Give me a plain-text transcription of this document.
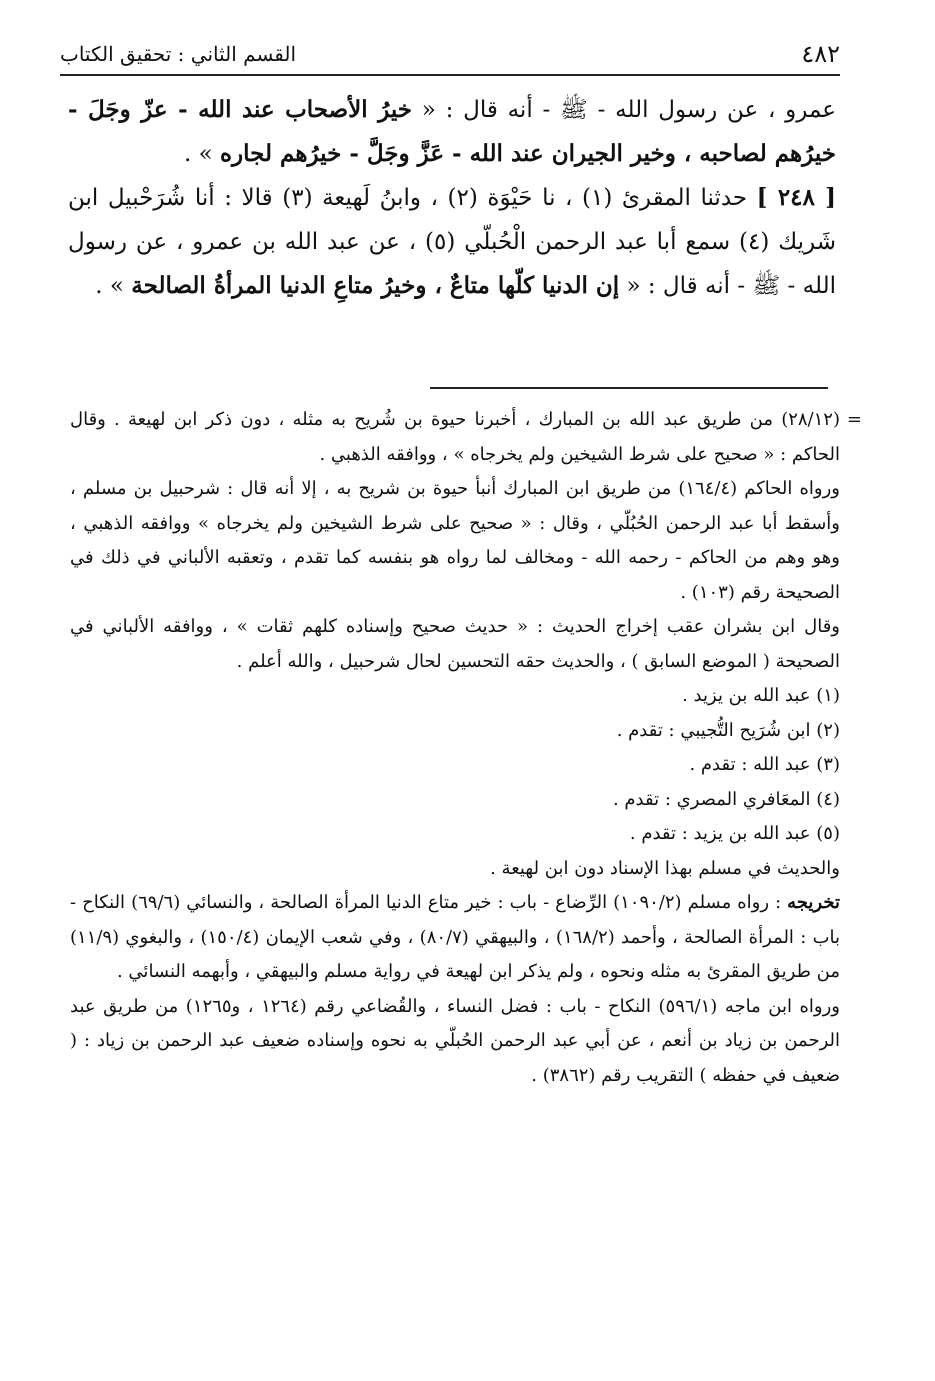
٤٨٢
القسم الثاني : تحقيق الكتاب

عمرو ، عن رسول الله - ﷺ - أنه قال : « خيرُ الأصحاب عند الله - عزّ وجَلَ - خيرُهم لصاحبه ، وخير الجيران عند الله - عَزَّ وجَلَّ - خيرُهم لجاره » .

[ ٢٤٨ ] حدثنا المقرئ (١) ، نا حَيْوَة (٢) ، وابنُ لَهيعة (٣) قالا : أنا شُرَحْبيل ابن شَريك (٤) سمع أبا عبد الرحمن الْحُبلّي (٥) ، عن عبد الله بن عمرو ، عن رسول الله - ﷺ - أنه قال : « إن الدنيا كلّها متاعٌ ، وخيرُ متاعِ الدنيا المرأةُ الصالحة » .

=

(٢٨/١٢) من طريق عبد الله بن المبارك ، أخبرنا حيوة بن شُريح به مثله ، دون ذكر ابن لهيعة . وقال الحاكم : « صحيح على شرط الشيخين ولم يخرجاه » ، ووافقه الذهبي .

ورواه الحاكم (١٦٤/٤) من طريق ابن المبارك أنبأ حيوة بن شريح به ، إلا أنه قال : شرحبيل بن مسلم ، وأسقط أبا عبد الرحمن الحُبُلّي ، وقال : « صحيح على شرط الشيخين ولم يخرجاه » ووافقه الذهبي ، وهو وهم من الحاكم - رحمه الله - ومخالف لما رواه هو بنفسه كما تقدم ، وتعقبه الألباني في ذلك في الصحيحة رقم (١٠٣) .

وقال ابن بشران عقب إخراج الحديث : « حديث صحيح وإسناده كلهم ثقات » ، ووافقه الألباني في الصحيحة ( الموضع السابق ) ، والحديث حقه التحسين لحال شرحبيل ، والله أعلم .

(١) عبد الله بن يزيد .

(٢) ابن شُرَيح التُّجيبي : تقدم .

(٣) عبد الله : تقدم .

(٤) المعَافري المصري : تقدم .

(٥) عبد الله بن يزيد : تقدم .

والحديث في مسلم بهذا الإسناد دون ابن لهيعة .

تخريجه : رواه مسلم (١٠٩٠/٢) الرِّضاع - باب : خير متاع الدنيا المرأة الصالحة ، والنسائي (٦٩/٦) النكاح - باب : المرأة الصالحة ، وأحمد (١٦٨/٢) ، والبيهقي (٨٠/٧) ، وفي شعب الإيمان (١٥٠/٤) ، والبغوي (١١/٩) من طريق المقرئ به مثله ونحوه ، ولم يذكر ابن لهيعة في رواية مسلم والبيهقي ، وأبهمه النسائي .

ورواه ابن ماجه (٥٩٦/١) النكاح - باب : فضل النساء ، والقُضاعي رقم (١٢٦٤ ، و١٢٦٥) من طريق عبد الرحمن بن زياد بن أنعم ، عن أبي عبد الرحمن الحُبلّي به نحوه وإسناده ضعيف عبد الرحمن بن زياد : ( ضعيف في حفظه ) التقريب رقم (٣٨٦٢) .
